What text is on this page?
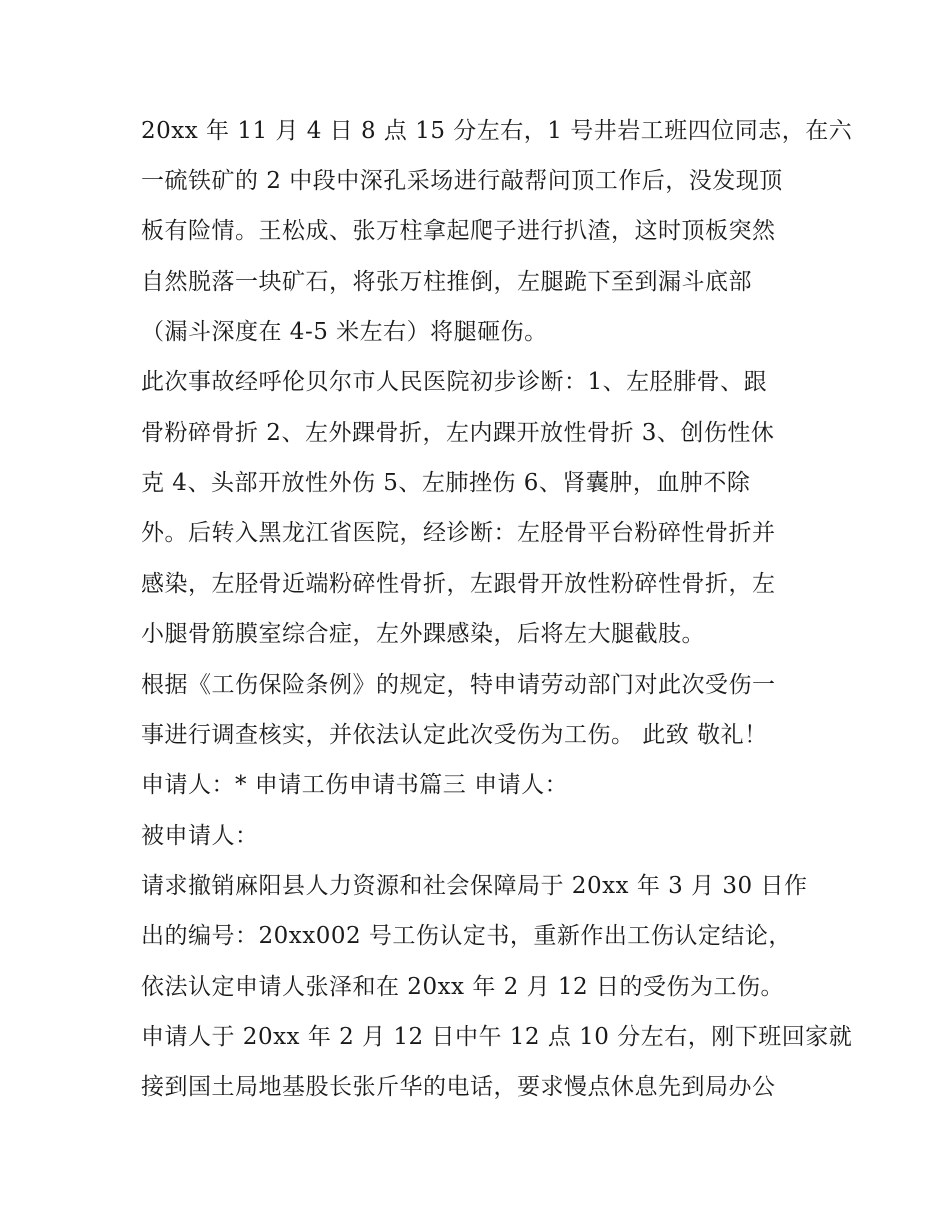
20xx 年 11 月 4 日 8 点 15 分左右，1 号井岩工班四位同志，在六
一硫铁矿的 2 中段中深孔采场进行敲帮问顶工作后，没发现顶
板有险情。王松成、张万柱拿起爬子进行扒渣，这时顶板突然
自然脱落一块矿石，将张万柱推倒，左腿跪下至到漏斗底部
（漏斗深度在 4-5 米左右）将腿砸伤。
此次事故经呼伦贝尔市人民医院初步诊断：1、左胫腓骨、跟
骨粉碎骨折 2、左外踝骨折，左内踝开放性骨折 3、创伤性休
克 4、头部开放性外伤 5、左肺挫伤 6、肾囊肿，血肿不除
外。后转入黑龙江省医院，经诊断：左胫骨平台粉碎性骨折并
感染，左胫骨近端粉碎性骨折，左跟骨开放性粉碎性骨折，左
小腿骨筋膜室综合症，左外踝感染，后将左大腿截肢。
根据《工伤保险条例》的规定，特申请劳动部门对此次受伤一
事进行调查核实，并依法认定此次受伤为工伤。 此致 敬礼！
申请人：* 申请工伤申请书篇三 申请人：
被申请人：
请求撤销麻阳县人力资源和社会保障局于 20xx 年 3 月 30 日作
出的编号：20xx002 号工伤认定书，重新作出工伤认定结论，
依法认定申请人张泽和在 20xx 年 2 月 12 日的受伤为工伤。
申请人于 20xx 年 2 月 12 日中午 12 点 10 分左右，刚下班回家就
接到国土局地基股长张斤华的电话，要求慢点休息先到局办公
